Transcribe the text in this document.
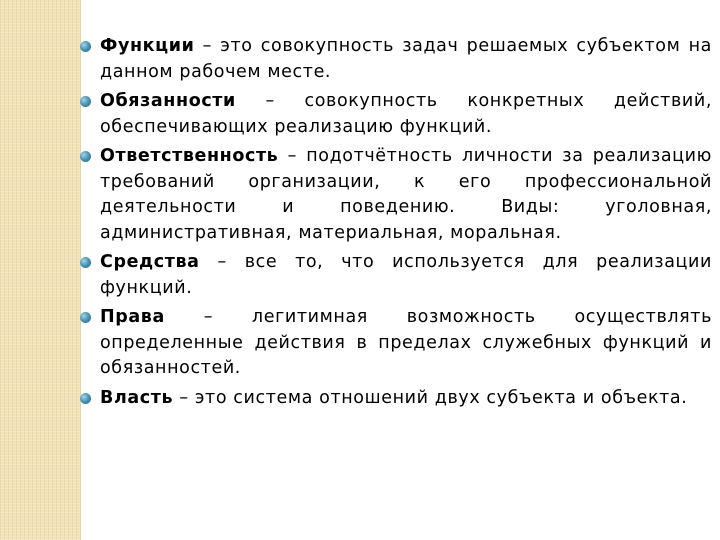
Функции – это совокупность задач решаемых субъектом на данном рабочем месте.
Обязанности – совокупность конкретных действий, обеспечивающих реализацию функций.
Ответственность – подотчётность личности за реализацию требований организации, к его профессиональной деятельности и поведению. Виды: уголовная, административная, материальная, моральная.
Средства – все то, что используется для реализации функций.
Права – легитимная возможность осуществлять определенные действия в пределах служебных функций и обязанностей.
Власть – это система отношений двух субъекта и объекта.
